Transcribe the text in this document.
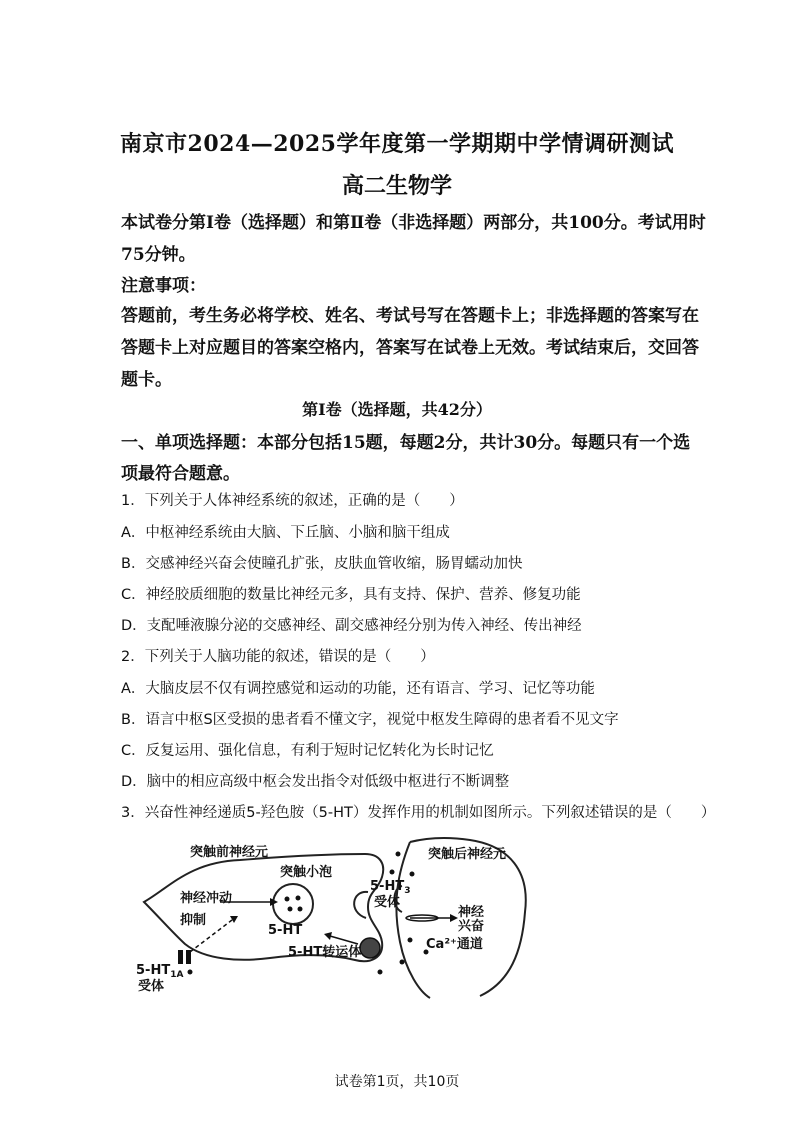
南京市2024—2025学年度第一学期期中学情调研测试
高二生物学
本试卷分第Ⅰ卷（选择题）和第Ⅱ卷（非选择题）两部分，共100分。考试用时
75分钟。
注意事项：
答题前，考生务必将学校、姓名、考试号写在答题卡上；非选择题的答案写在
答题卡上对应题目的答案空格内，答案写在试卷上无效。考试结束后，交回答
题卡。
第Ⅰ卷（选择题，共42分）
一、单项选择题：本部分包括15题，每题2分，共计30分。每题只有一个选
项最符合题意。
1．下列关于人体神经系统的叙述，正确的是（　　）
A．中枢神经系统由大脑、下丘脑、小脑和脑干组成
B．交感神经兴奋会使瞳孔扩张，皮肤血管收缩，肠胃蠕动加快
C．神经胶质细胞的数量比神经元多，具有支持、保护、营养、修复功能
D．支配唾液腺分泌的交感神经、副交感神经分别为传入神经、传出神经
2．下列关于人脑功能的叙述，错误的是（　　）
A．大脑皮层不仅有调控感觉和运动的功能，还有语言、学习、记忆等功能
B．语言中枢S区受损的患者看不懂文字，视觉中枢发生障碍的患者看不见文字
C．反复运用、强化信息，有利于短时记忆转化为长时记忆
D．脑中的相应高级中枢会发出指令对低级中枢进行不断调整
3．兴奋性神经递质5-羟色胺（5-HT）发挥作用的机制如图所示。下列叙述错误的是（　　）
突触前神经元	突触后神经元
突触小泡
神经冲动
抑制
5-HT
$5-HT_3$
受体
神经
兴奋
Ca²⁺通道
5-HT转运体
$5-HT_{1A}$
受体
试卷第1页，共10页
